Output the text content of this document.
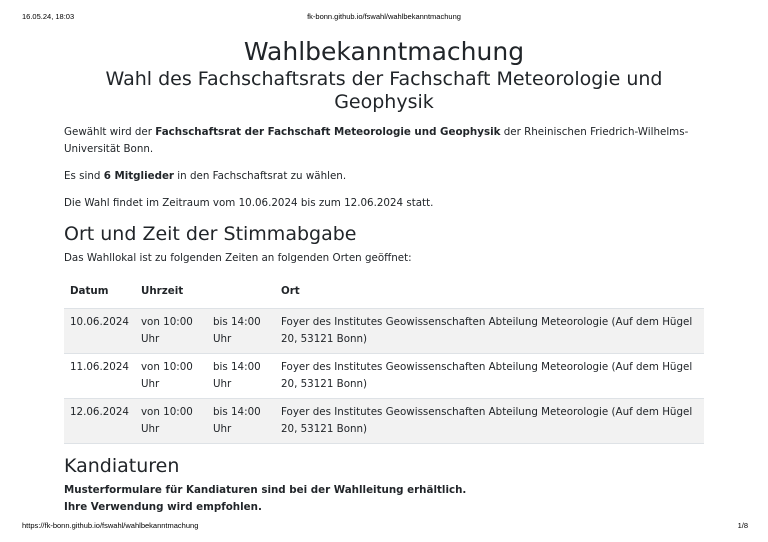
16.05.24, 18:03	fk-bonn.github.io/fswahl/wahlbekanntmachung
Wahlbekanntmachung
Wahl des Fachschaftsrats der Fachschaft Meteorologie und Geophysik

Gewählt wird der Fachschaftsrat der Fachschaft Meteorologie und Geophysik der Rheinischen Friedrich-Wilhelms-Universität Bonn.

Es sind 6 Mitglieder in den Fachschaftsrat zu wählen.

Die Wahl findet im Zeitraum vom 10.06.2024 bis zum 12.06.2024 statt.

Ort und Zeit der Stimmabgabe

Das Wahllokal ist zu folgenden Zeiten an folgenden Orten geöffnet:

Datum	Uhrzeit		Ort
10.06.2024	von 10:00 Uhr	bis 14:00 Uhr	Foyer des Institutes Geowissenschaften Abteilung Meteorologie (Auf dem Hügel 20, 53121 Bonn)
11.06.2024	von 10:00 Uhr	bis 14:00 Uhr	Foyer des Institutes Geowissenschaften Abteilung Meteorologie (Auf dem Hügel 20, 53121 Bonn)
12.06.2024	von 10:00 Uhr	bis 14:00 Uhr	Foyer des Institutes Geowissenschaften Abteilung Meteorologie (Auf dem Hügel 20, 53121 Bonn)
Kandiaturen

Musterformulare für Kandiaturen sind bei der Wahlleitung erhältlich.

Ihre Verwendung wird empfohlen.

https://fk-bonn.github.io/fswahl/wahlbekanntmachung	1/8
